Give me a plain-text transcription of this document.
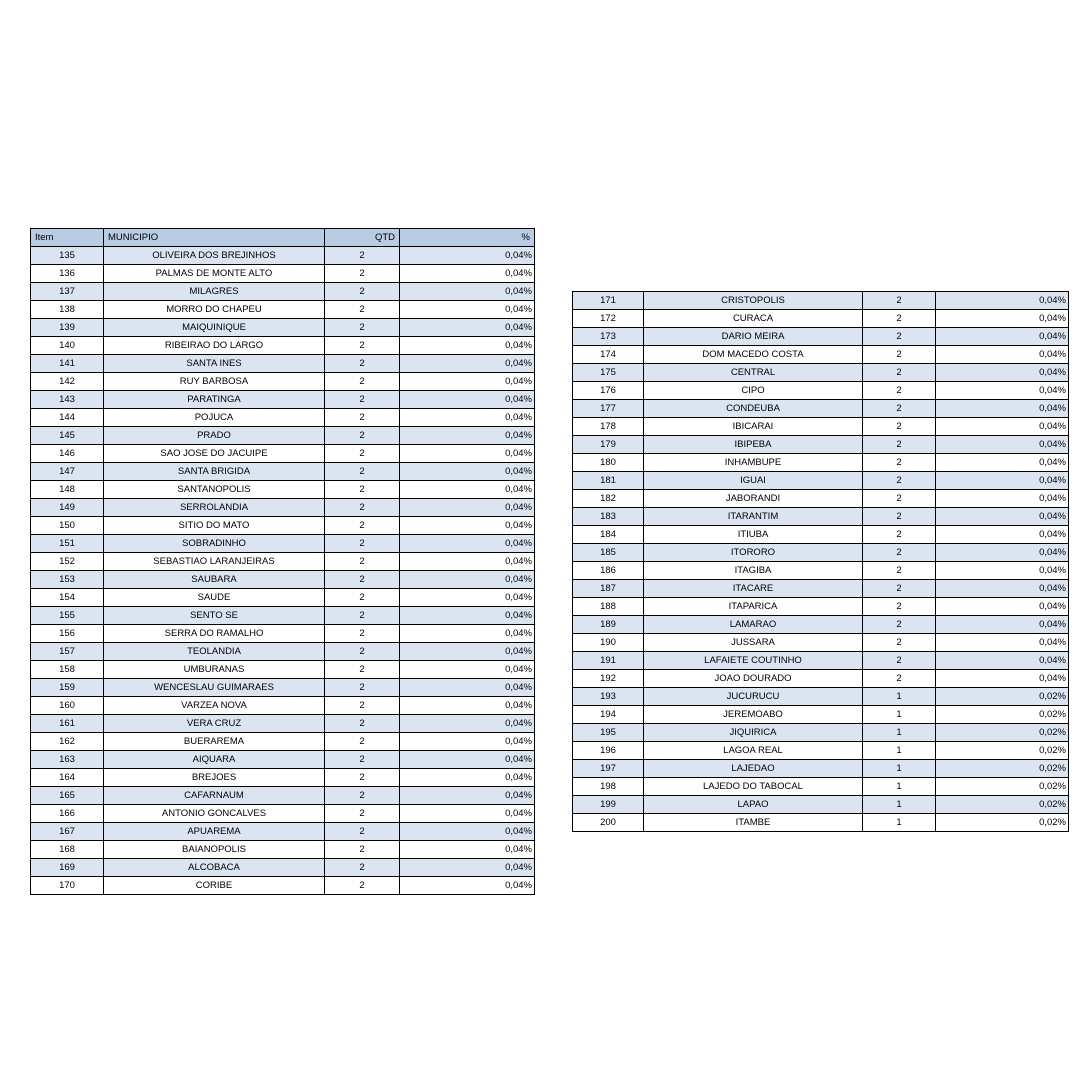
Item	MUNICIPIO	QTD	%
135	OLIVEIRA DOS BREJINHOS	2	0,04%
136	PALMAS DE MONTE ALTO	2	0,04%
137	MILAGRES	2	0,04%
138	MORRO DO CHAPEU	2	0,04%
139	MAIQUINIQUE	2	0,04%
140	RIBEIRAO DO LARGO	2	0,04%
141	SANTA INES	2	0,04%
142	RUY BARBOSA	2	0,04%
143	PARATINGA	2	0,04%
144	POJUCA	2	0,04%
145	PRADO	2	0,04%
146	SAO JOSE DO JACUIPE	2	0,04%
147	SANTA BRIGIDA	2	0,04%
148	SANTANOPOLIS	2	0,04%
149	SERROLANDIA	2	0,04%
150	SITIO DO MATO	2	0,04%
151	SOBRADINHO	2	0,04%
152	SEBASTIAO LARANJEIRAS	2	0,04%
153	SAUBARA	2	0,04%
154	SAUDE	2	0,04%
155	SENTO SE	2	0,04%
156	SERRA DO RAMALHO	2	0,04%
157	TEOLANDIA	2	0,04%
158	UMBURANAS	2	0,04%
159	WENCESLAU GUIMARAES	2	0,04%
160	VARZEA NOVA	2	0,04%
161	VERA CRUZ	2	0,04%
162	BUERAREMA	2	0,04%
163	AIQUARA	2	0,04%
164	BREJOES	2	0,04%
165	CAFARNAUM	2	0,04%
166	ANTONIO GONCALVES	2	0,04%
167	APUAREMA	2	0,04%
168	BAIANOPOLIS	2	0,04%
169	ALCOBACA	2	0,04%
170	CORIBE	2	0,04%
171	CRISTOPOLIS	2	0,04%
172	CURACA	2	0,04%
173	DARIO MEIRA	2	0,04%
174	DOM MACEDO COSTA	2	0,04%
175	CENTRAL	2	0,04%
176	CIPO	2	0,04%
177	CONDEUBA	2	0,04%
178	IBICARAI	2	0,04%
179	IBIPEBA	2	0,04%
180	INHAMBUPE	2	0,04%
181	IGUAI	2	0,04%
182	JABORANDI	2	0,04%
183	ITARANTIM	2	0,04%
184	ITIUBA	2	0,04%
185	ITORORO	2	0,04%
186	ITAGIBA	2	0,04%
187	ITACARE	2	0,04%
188	ITAPARICA	2	0,04%
189	LAMARAO	2	0,04%
190	JUSSARA	2	0,04%
191	LAFAIETE COUTINHO	2	0,04%
192	JOAO DOURADO	2	0,04%
193	JUCURUCU	1	0,02%
194	JEREMOABO	1	0,02%
195	JIQUIRICA	1	0,02%
196	LAGOA REAL	1	0,02%
197	LAJEDAO	1	0,02%
198	LAJEDO DO TABOCAL	1	0,02%
199	LAPAO	1	0,02%
200	ITAMBE	1	0,02%
